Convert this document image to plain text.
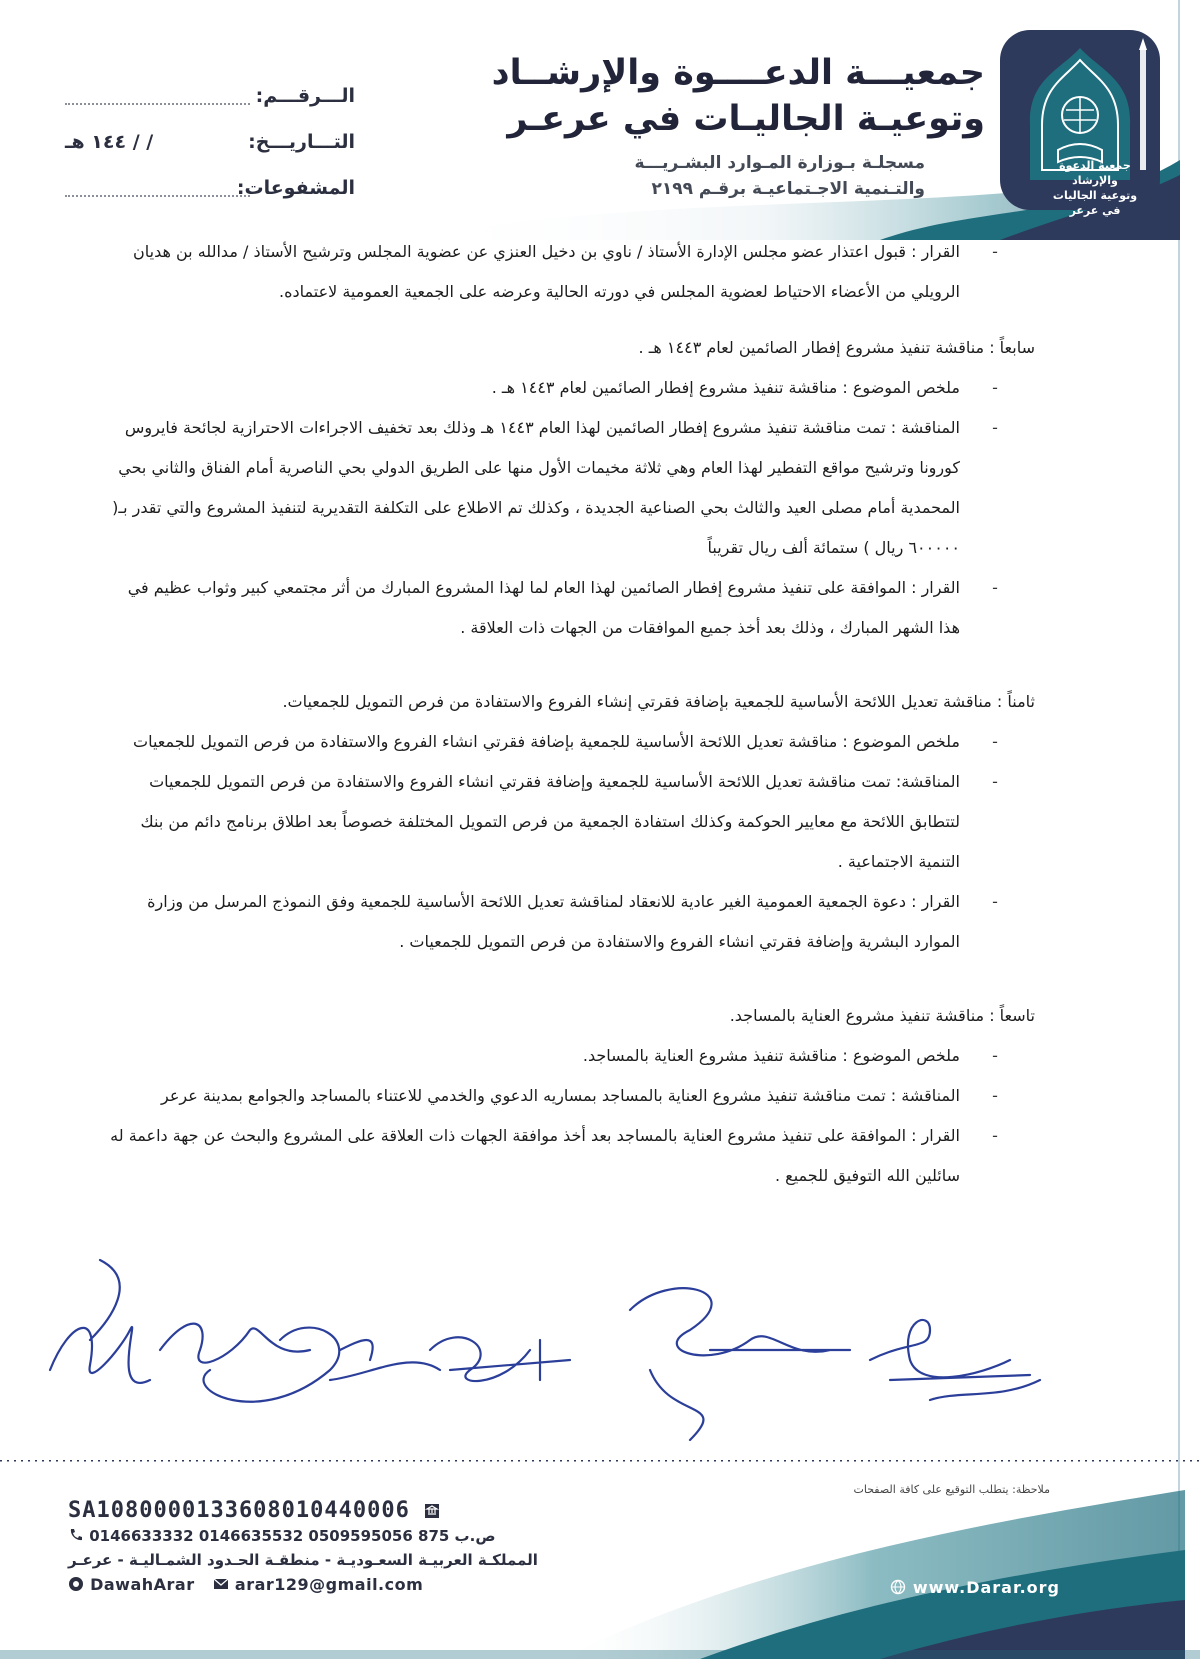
جمعية الدعوة والإرشاد
وتوعية الجاليات في عرعر
جمعيـــة الدعــــوة والإرشــاد
وتوعيـة الجاليـات في عرعـر
مسجلـة بـوزارة المـوارد البشـريـــة
والتـنمية الاجـتماعيـة برقـم ٢١٩٩
الـــرقـــم:
التـــاريـــخ:
/ / ١٤٤ هـ
المشفوعات:
-
القرار : قبول اعتذار عضو مجلس الإدارة الأستاذ / ناوي بن دخيل العنزي عن عضوية المجلس وترشيح الأستاذ / مدالله بن هديان الرويلي من الأعضاء الاحتياط لعضوية المجلس في دورته الحالية وعرضه على الجمعية العمومية لاعتماده.
سابعاً : مناقشة تنفيذ مشروع إفطار الصائمين لعام ١٤٤٣ هـ .
-
ملخص الموضوع : مناقشة تنفيذ مشروع إفطار الصائمين لعام ١٤٤٣ هـ .
-
المناقشة : تمت مناقشة تنفيذ مشروع إفطار الصائمين لهذا العام ١٤٤٣ هـ وذلك بعد تخفيف الاجراءات الاحترازية لجائحة فايروس كورونا وترشيح مواقع التفطير لهذا العام وهي ثلاثة مخيمات الأول منها على الطريق الدولي بحي الناصرية أمام الفناق والثاني بحي المحمدية أمام مصلى العيد والثالث بحي الصناعية الجديدة ، وكذلك تم الاطلاع على التكلفة التقديرية لتنفيذ المشروع والتي تقدر بـ( ٦٠٠٠٠٠ ريال ) ستمائة ألف ريال تقريباً
-
القرار : الموافقة على تنفيذ مشروع إفطار الصائمين لهذا العام لما لهذا المشروع المبارك من أثر مجتمعي كبير وثواب عظيم في هذا الشهر المبارك ، وذلك بعد أخذ جميع الموافقات من الجهات ذات العلاقة .
ثامناً : مناقشة تعديل اللائحة الأساسية للجمعية بإضافة فقرتي إنشاء الفروع والاستفادة من فرص التمويل للجمعيات.
-
ملخص الموضوع : مناقشة تعديل اللائحة الأساسية للجمعية بإضافة فقرتي انشاء الفروع والاستفادة من فرص التمويل للجمعيات
-
المناقشة: تمت مناقشة تعديل اللائحة الأساسية للجمعية وإضافة فقرتي انشاء الفروع والاستفادة من فرص التمويل للجمعيات لتتطابق اللائحة مع معايير الحوكمة وكذلك استفادة الجمعية من فرص التمويل المختلفة خصوصاً بعد اطلاق برنامج دائم من بنك التنمية الاجتماعية .
-
القرار : دعوة الجمعية العمومية الغير عادية للانعقاد لمناقشة تعديل اللائحة الأساسية للجمعية وفق النموذج المرسل من وزارة الموارد البشرية وإضافة فقرتي انشاء الفروع والاستفادة من فرص التمويل للجمعيات .
تاسعاً : مناقشة تنفيذ مشروع العناية بالمساجد.
-
ملخص الموضوع : مناقشة تنفيذ مشروع العناية بالمساجد.
-
المناقشة : تمت مناقشة تنفيذ مشروع العناية بالمساجد بمساريه الدعوي والخدمي للاعتناء بالمساجد والجوامع بمدينة عرعر
-
القرار : الموافقة على تنفيذ مشروع العناية بالمساجد بعد أخذ موافقة الجهات ذات العلاقة على المشروع والبحث عن جهة داعمة له سائلين الله التوفيق للجميع .
ملاحظة: يتطلب التوقيع على كافة الصفحات
SA1080000133608010440006
0146633332 0146635532 0509595056 ص.ب 875
المملكـة العربيـة السعـوديـة - منطقـة الحـدود الشمـاليـة - عرعـر
DawahArar	arar129@gmail.com	www.Darar.org
